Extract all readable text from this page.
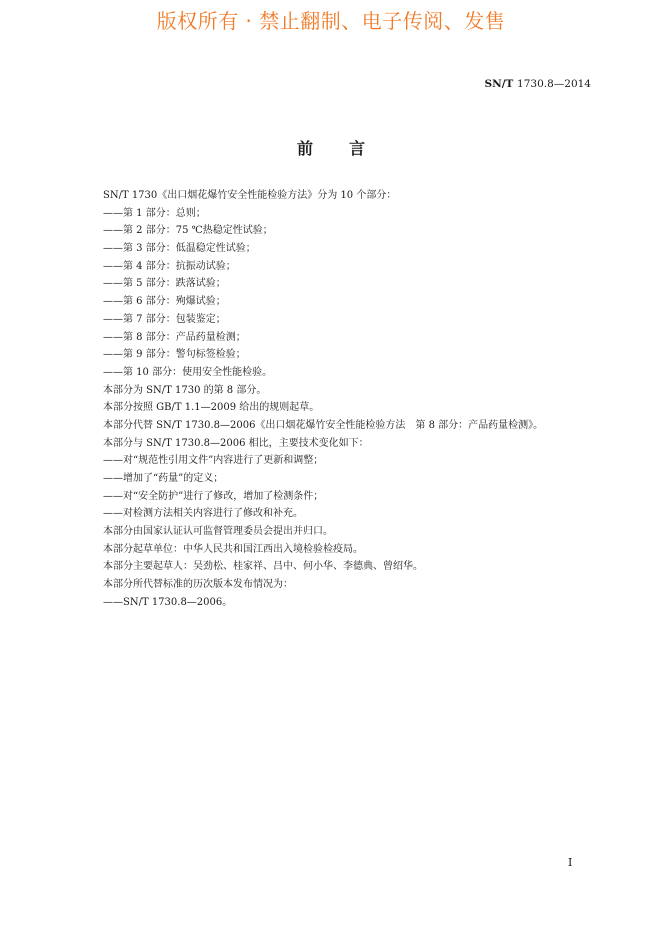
版权所有 · 禁止翻制、电子传阅、发售
SN/T 1730.8—2014
前 言
SN/T 1730《出口烟花爆竹安全性能检验方法》分为 10 个部分：
——第 1 部分：总则；
——第 2 部分：75 ℃热稳定性试验；
——第 3 部分：低温稳定性试验；
——第 4 部分：抗振动试验；
——第 5 部分：跌落试验；
——第 6 部分：殉爆试验；
——第 7 部分：包装鉴定；
——第 8 部分：产品药量检测；
——第 9 部分：警句标签检验；
——第 10 部分：使用安全性能检验。
本部分为 SN/T 1730 的第 8 部分。
本部分按照 GB/T 1.1—2009 给出的规则起草。
本部分代替 SN/T 1730.8—2006《出口烟花爆竹安全性能检验方法　第 8 部分：产品药量检测》。
本部分与 SN/T 1730.8—2006 相比，主要技术变化如下：
——对“规范性引用文件”内容进行了更新和调整；
——增加了“药量”的定义；
——对“安全防护”进行了修改，增加了检测条件；
——对检测方法相关内容进行了修改和补充。
本部分由国家认证认可监督管理委员会提出并归口。
本部分起草单位：中华人民共和国江西出入境检验检疫局。
本部分主要起草人：吴劲松、桂家祥、吕中、何小华、李德典、曾绍华。
本部分所代替标准的历次版本发布情况为：
——SN/T 1730.8—2006。
I
